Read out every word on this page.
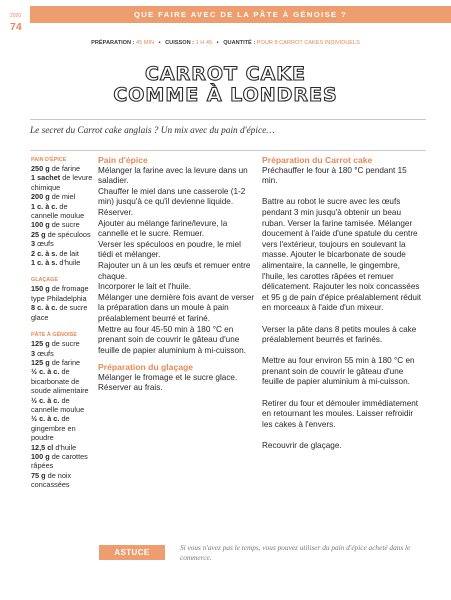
QUE FAIRE AVEC DE LA PÂTE À GÉNOISE ?
2020
74
PRÉPARATION : 45 MIN • CUISSON : 1 H 45 • QUANTITÉ : POUR 8 CARROT CAKES INDIVIDUELS
CARROT CAKE
COMME À LONDRES
Le secret du Carrot cake anglais ? Un mix avec du pain d'épice…
PAIN D'ÉPICE
250 g de farine
1 sachet de levure chimique
200 g de miel
1 c. à c. de cannelle moulue
100 g de sucre
25 g de spéculoos
3 œufs
2 c. à s. de lait
1 c. à s. d'huile
GLAÇAGE
150 g de fromage type Philadelphia
8 c. à c. de sucre glace
PÂTE À GÉNOISE
125 g de sucre
3 œufs
125 g de farine
½ c. à c. de bicarbonate de soude alimentaire
½ c. à c. de cannelle moulue
½ c. à c. de gingembre en poudre
12,5 cl d'huile
100 g de carottes râpées
75 g de noix concassées
Pain d'épice
Mélanger la farine avec la levure dans un saladier.
Chauffer le miel dans une casserole (1-2 min) jusqu'à ce qu'il devienne liquide. Réserver.
Ajouter au mélange farine/levure, la cannelle et le sucre. Remuer.
Verser les spéculoos en poudre, le miel tiédi et mélanger.
Rajouter un à un les œufs et remuer entre chaque.
Incorporer le lait et l'huile.
Mélanger une dernière fois avant de verser la préparation dans un moule à pain préalablement beurré et fariné.
Mettre au four 45-50 min à 180 °C en prenant soin de couvrir le gâteau d'une feuille de papier aluminium à mi-cuisson.
Préparation du glaçage
Mélanger le fromage et le sucre glace. Réserver au frais.
Préparation du Carrot cake
Préchauffer le four à 180 °C pendant 15 min.
Battre au robot le sucre avec les œufs pendant 3 min jusqu'à obtenir un beau ruban. Verser la farine tamisée. Mélanger doucement à l'aide d'une spatule du centre vers l'extérieur, toujours en soulevant la masse. Ajouter le bicarbonate de soude alimentaire, la cannelle, le gingembre, l'huile, les carottes râpées et remuer délicatement. Rajouter les noix concassées et 95 g de pain d'épice préalablement réduit en morceaux à l'aide d'un mixeur.
Verser la pâte dans 8 petits moules à cake préalablement beurrés et farinés.
Mettre au four environ 55 min à 180 °C en prenant soin de couvrir le gâteau d'une feuille de papier aluminium à mi-cuisson.
Retirer du four et démouler immédiatement en retournant les moules. Laisser refroidir les cakes à l'envers.
Recouvrir de glaçage.
ASTUCE
Si vous n'avez pas le temps, vous pouvez utiliser du pain d'épice acheté dans le commerce.
